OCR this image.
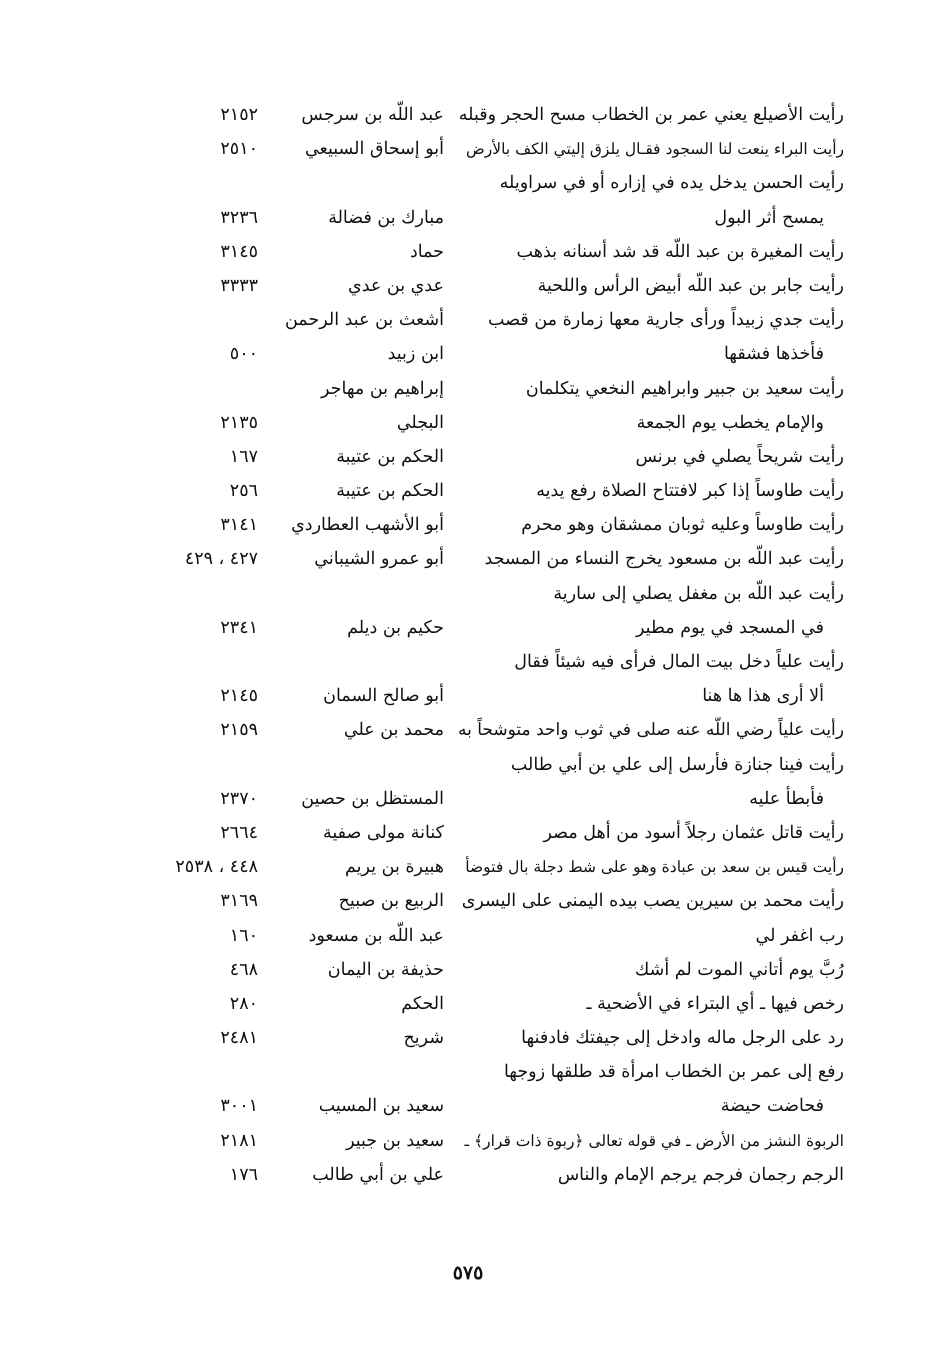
رأيت الأصيلع يعني عمر بن الخطاب مسح الحجر وقبله
عبد اللّه بن سرجس
٢١٥٢
رأيت البراء ينعت لنا السجود فقـال يلزق إليتي الكف بالأرض
أبو إسحاق السبيعي
٢٥١٠
رأيت الحسن يدخل يده في إزاره أو في سراويله
يمسح أثر البول
مبارك بن فضالة
٣٢٣٦
رأيت المغيرة بن عبد اللّه قد شد أسنانه بذهب
حماد
٣١٤٥
رأيت جابر بن عبد اللّه أبيض الرأس واللحية
عدي بن عدي
٣٣٣٣
رأيت جدي زبيداً ورأى جارية معها زمارة من قصب
أشعث بن عبد الرحمن
فأخذها فشقها
ابن زبيد
٥٠٠
رأيت سعيد بن جبير وابراهيم النخعي يتكلمان
إبراهيم بن مهاجر
والإمام يخطب يوم الجمعة
البجلي
٢١٣٥
رأيت شريحاً يصلي في برنس
الحكم بن عتيبة
١٦٧
رأيت طاوساً إذا كبر لافتتاح الصلاة رفع يديه
الحكم بن عتيبة
٢٥٦
رأيت طاوساً وعليه ثوبان ممشقان وهو محرم
أبو الأشهب العطاردي
٣١٤١
رأيت عبد اللّه بن مسعود يخرج النساء من المسجد
أبو عمرو الشيباني
٤٢٧ ، ٤٢٩
رأيت عبد اللّه بن مغفل يصلي إلى سارية
في المسجد في يوم مطير
حكيم بن ديلم
٢٣٤١
رأيت علياً دخل بيت المال فرأى فيه شيئاً فقال
ألا أرى هذا ها هنا
أبو صالح السمان
٢١٤٥
رأيت علياً رضي اللّه عنه صلى في ثوب واحد متوشحاً به
محمد بن علي
٢١٥٩
رأيت فينا جنازة فأرسل إلى علي بن أبي طالب
فأبطأ عليه
المستظل بن حصين
٢٣٧٠
رأيت قاتل عثمان رجلاً أسود من أهل مصر
كنانة مولى صفية
٢٦٦٤
رأيت قيس بن سعد بن عبادة وهو على شط دجلة بال فتوضأ
هبيرة بن يريم
٤٤٨ ، ٢٥٣٨
رأيت محمد بن سيرين يصب بيده اليمنى على اليسرى
الربيع بن صبيح
٣١٦٩
رب اغفر لي
عبد اللّه بن مسعود
١٦٠
رُبَّ يوم أتاني الموت لم أشك
حذيفة بن اليمان
٤٦٨
رخص فيها ـ أي البتراء في الأضحية ـ
الحكم
٢٨٠
رد على الرجل ماله وادخل إلى جيفتك فادفنها
شريح
٢٤٨١
رفع إلى عمر بن الخطاب امرأة قد طلقها زوجها
فحاضت حيضة
سعيد بن المسيب
٣٠٠١
الربوة النشز من الأرض ـ في قوله تعالى ﴿ربوة ذات قرار﴾ ـ
سعيد بن جبير
٢١٨١
الرجم رجمان فرجم يرجم الإمام والناس
علي بن أبي طالب
١٧٦
٥٧٥
